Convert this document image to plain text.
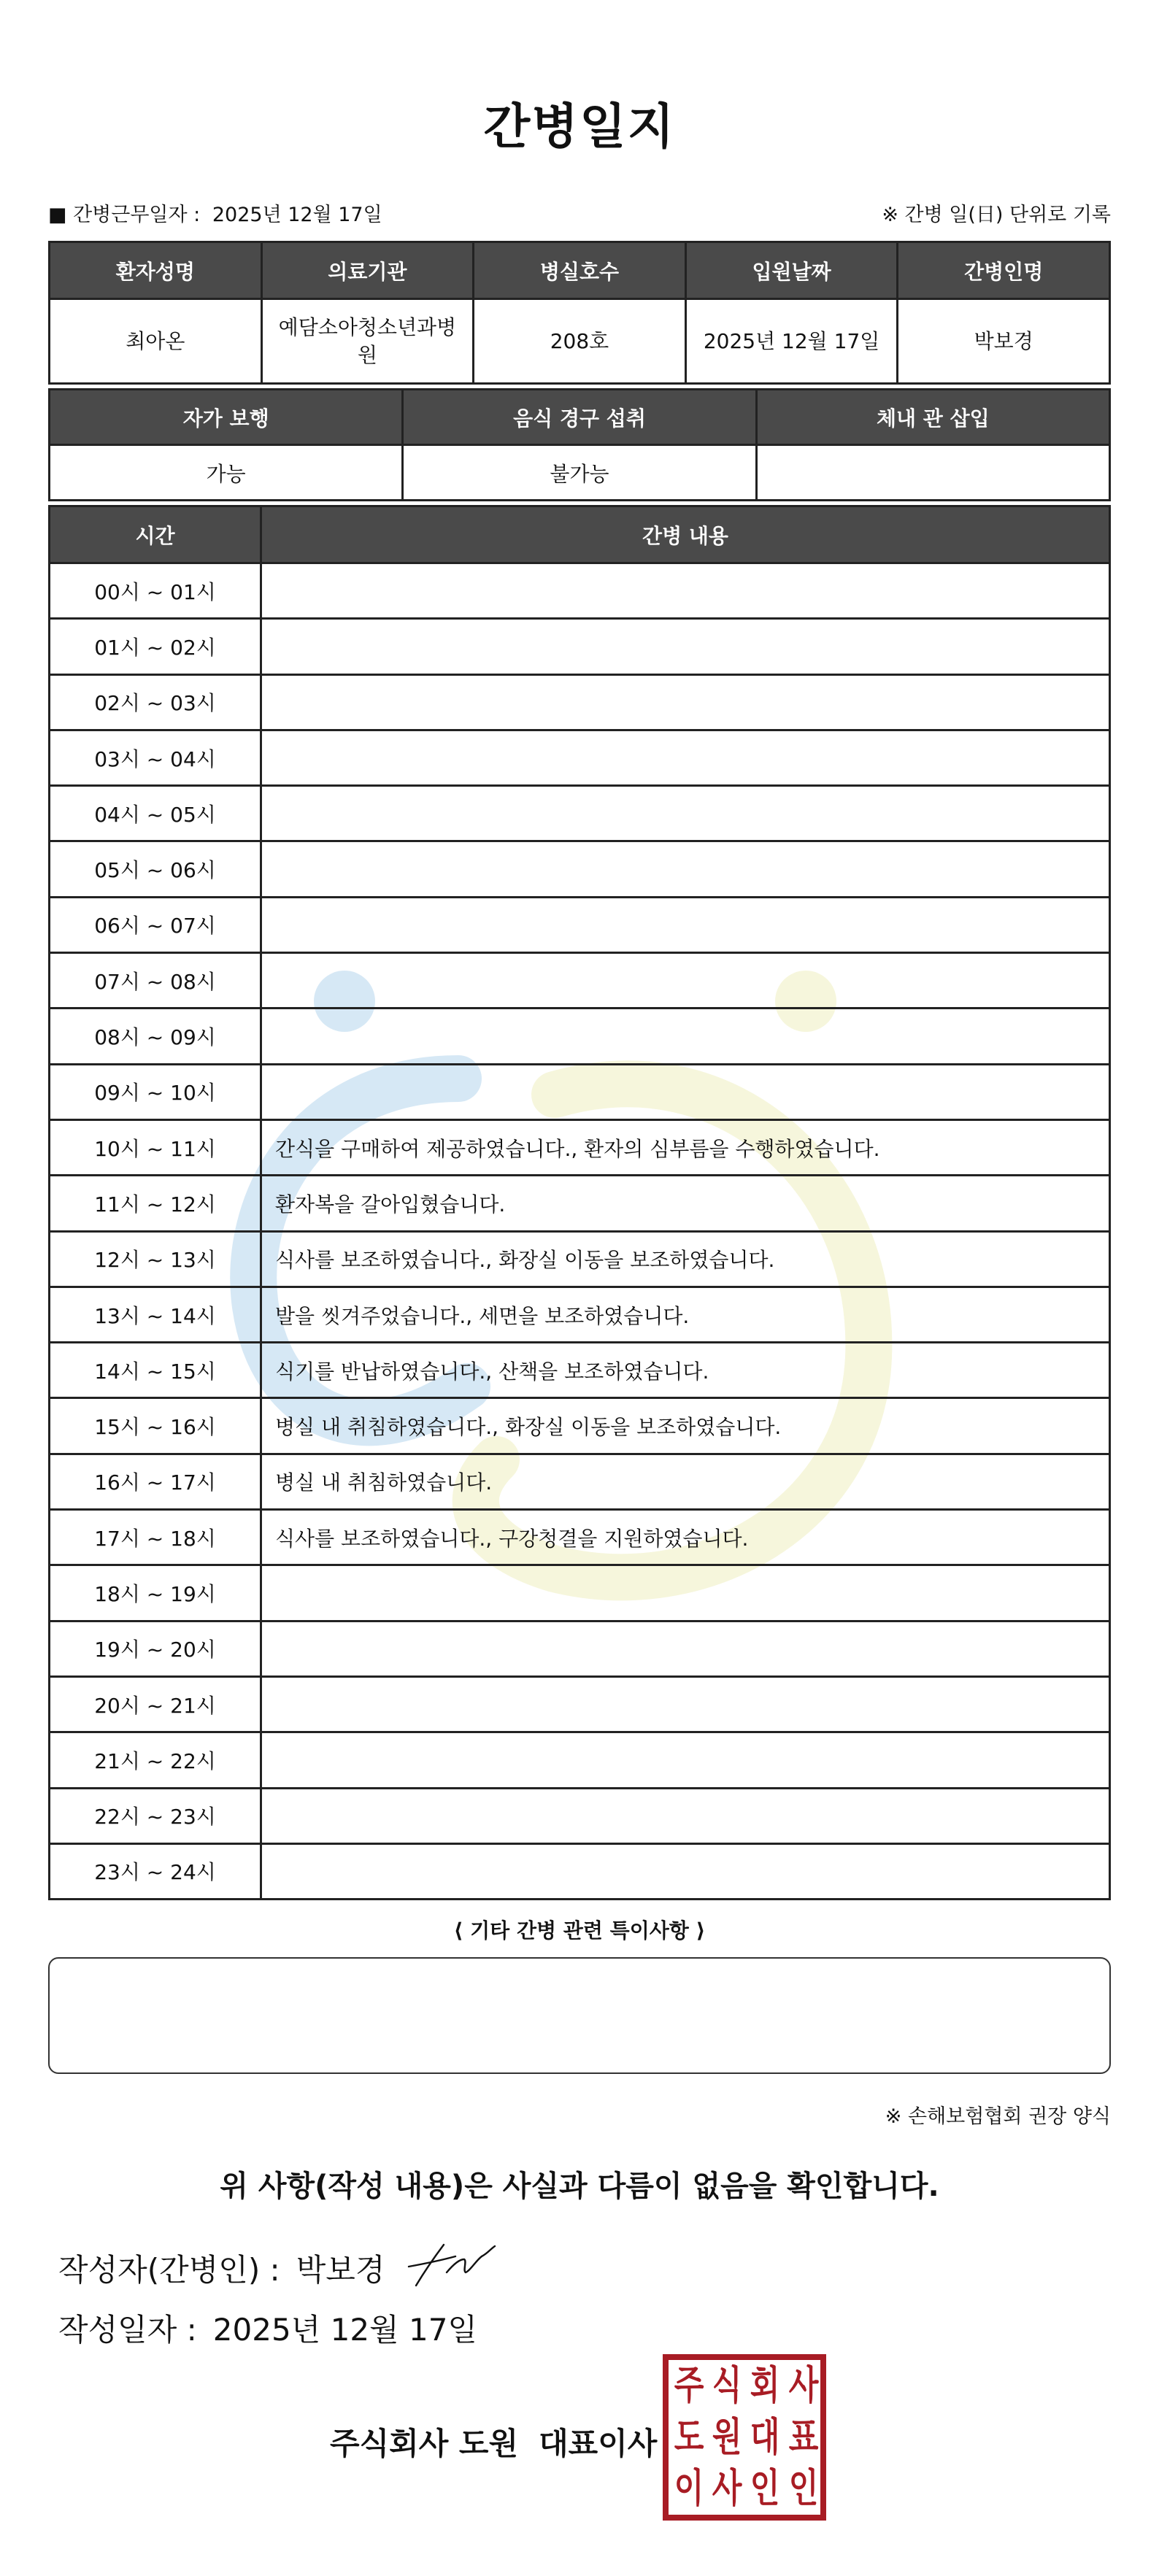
간병일지
■ 간병근무일자 : 2025년 12월 17일	※ 간병 일(日) 단위로 기록
환자성명	의료기관	병실호수	입원날짜	간병인명
최아온	예담소아청소년과병원	208호	2025년 12월 17일	박보경
자가 보행	음식 경구 섭취	체내 관 삽입
가능	불가능	
시간	간병 내용
00시 ~ 01시	
01시 ~ 02시	
02시 ~ 03시	
03시 ~ 04시	
04시 ~ 05시	
05시 ~ 06시	
06시 ~ 07시	
07시 ~ 08시	
08시 ~ 09시	
09시 ~ 10시	
10시 ~ 11시	간식을 구매하여 제공하였습니다., 환자의 심부름을 수행하였습니다.
11시 ~ 12시	환자복을 갈아입혔습니다.
12시 ~ 13시	식사를 보조하였습니다., 화장실 이동을 보조하였습니다.
13시 ~ 14시	발을 씻겨주었습니다., 세면을 보조하였습니다.
14시 ~ 15시	식기를 반납하였습니다., 산책을 보조하였습니다.
15시 ~ 16시	병실 내 취침하였습니다., 화장실 이동을 보조하였습니다.
16시 ~ 17시	병실 내 취침하였습니다.
17시 ~ 18시	식사를 보조하였습니다., 구강청결을 지원하였습니다.
18시 ~ 19시	
19시 ~ 20시	
20시 ~ 21시	
21시 ~ 22시	
22시 ~ 23시	
23시 ~ 24시	
⟨ 기타 간병 관련 특이사항 ⟩
※ 손해보험협회 권장 양식
위 사항(작성 내용)은 사실과 다름이 없음을 확인합니다.
작성자(간병인) : 박보경
작성일자 : 2025년 12월 17일
주식회사 도원 대표이사
주 식 회 사
도 원 대 표
이 사 인 인
